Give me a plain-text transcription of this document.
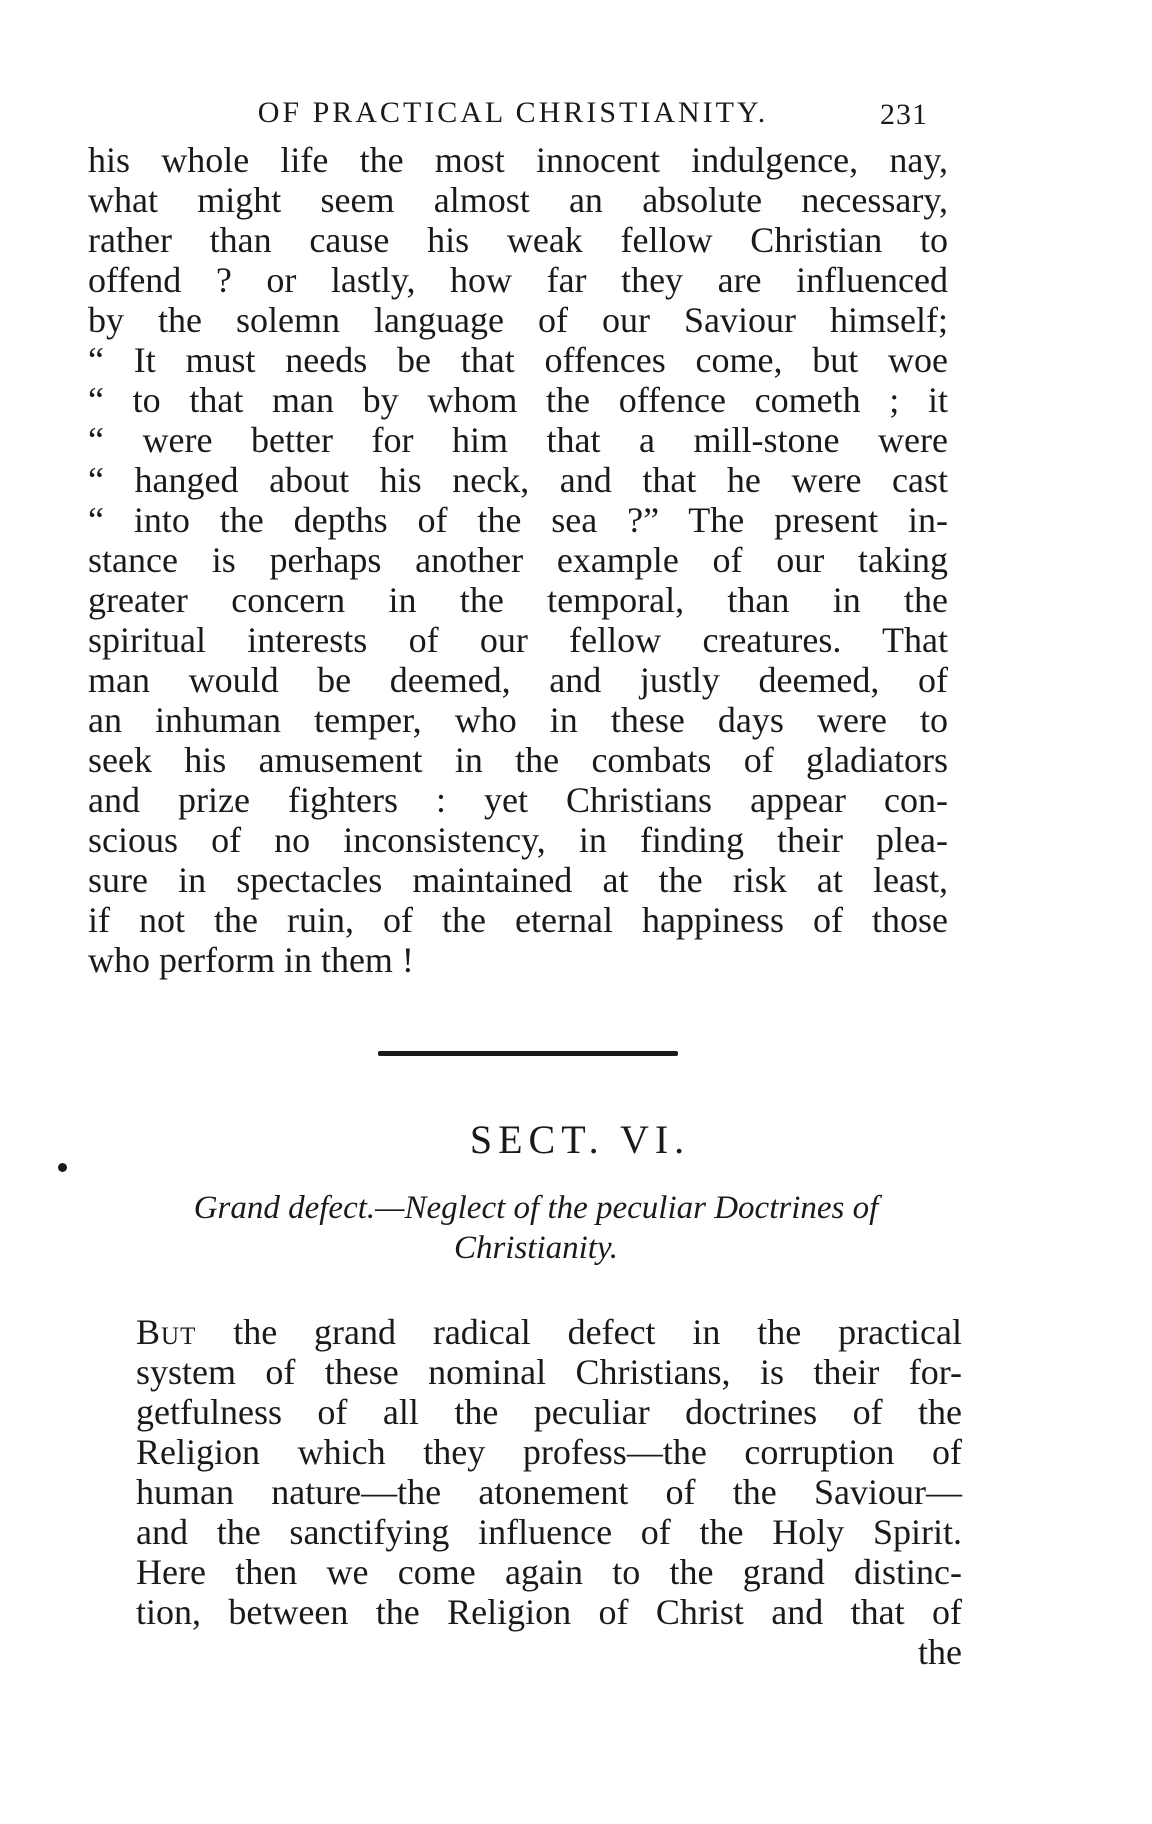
OF PRACTICAL CHRISTIANITY.	231
his whole life the most innocent indulgence, nay,
what might seem almost an absolute necessary,
rather than cause his weak fellow Christian to
offend ? or lastly, how far they are influenced
by the solemn language of our Saviour himself;
“ It must needs be that offences come, but woe
“ to that man by whom the offence cometh ; it
“ were better for him that a mill-stone were
“ hanged about his neck, and that he were cast
“ into the depths of the sea ?” The present in-
stance is perhaps another example of our taking
greater concern in the temporal, than in the
spiritual interests of our fellow creatures. That
man would be deemed, and justly deemed, of
an inhuman temper, who in these days were to
seek his amusement in the combats of gladiators
and prize fighters : yet Christians appear con-
scious of no inconsistency, in finding their plea-
sure in spectacles maintained at the risk at least,
if not the ruin, of the eternal happiness of those
who perform in them !
SECT. VI.
Grand defect.—Neglect of the peculiar Doctrines of
Christianity.
But the grand radical defect in the practical
system of these nominal Christians, is their for-
getfulness of all the peculiar doctrines of the
Religion which they profess—the corruption of
human nature—the atonement of the Saviour—
and the sanctifying influence of the Holy Spirit.
Here then we come again to the grand distinc-
tion, between the Religion of Christ and that of
the
